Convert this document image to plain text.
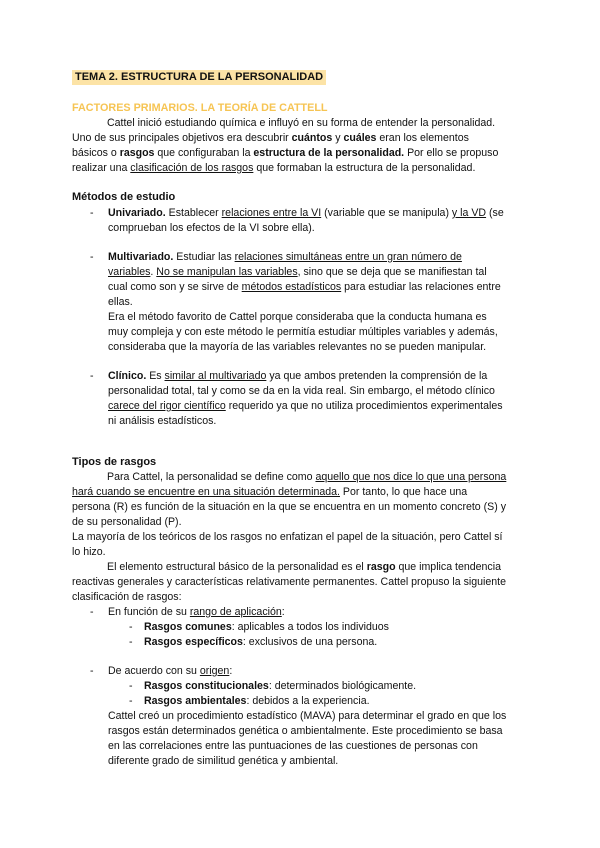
TEMA 2. ESTRUCTURA DE LA PERSONALIDAD
FACTORES PRIMARIOS. LA TEORÍA DE CATTELL
Cattel inició estudiando química e influyó en su forma de entender la personalidad.
Uno de sus principales objetivos era descubrir cuántos y cuáles eran los elementos
básicos o rasgos que configuraban la estructura de la personalidad. Por ello se propuso
realizar una clasificación de los rasgos que formaban la estructura de la personalidad.
Métodos de estudio
- Univariado. Establecer relaciones entre la VI (variable que se manipula) y la VD (se
comprueban los efectos de la VI sobre ella).
- Multivariado. Estudiar las relaciones simultáneas entre un gran número de
variables. No se manipulan las variables, sino que se deja que se manifiestan tal
cual como son y se sirve de métodos estadísticos para estudiar las relaciones entre
ellas.
Era el método favorito de Cattel porque consideraba que la conducta humana es
muy compleja y con este método le permitía estudiar múltiples variables y además,
consideraba que la mayoría de las variables relevantes no se pueden manipular.
- Clínico. Es similar al multivariado ya que ambos pretenden la comprensión de la
personalidad total, tal y como se da en la vida real. Sin embargo, el método clínico
carece del rigor científico requerido ya que no utiliza procedimientos experimentales
ni análisis estadísticos.
Tipos de rasgos
Para Cattel, la personalidad se define como aquello que nos dice lo que una persona
hará cuando se encuentre en una situación determinada. Por tanto, lo que hace una
persona (R) es función de la situación en la que se encuentra en un momento concreto (S) y
de su personalidad (P).
La mayoría de los teóricos de los rasgos no enfatizan el papel de la situación, pero Cattel sí
lo hizo.
El elemento estructural básico de la personalidad es el rasgo que implica tendencia
reactivas generales y características relativamente permanentes. Cattel propuso la siguiente
clasificación de rasgos:
- En función de su rango de aplicación:
- Rasgos comunes: aplicables a todos los individuos
- Rasgos específicos: exclusivos de una persona.
- De acuerdo con su origen:
- Rasgos constitucionales: determinados biológicamente.
- Rasgos ambientales: debidos a la experiencia.
Cattel creó un procedimiento estadístico (MAVA) para determinar el grado en que los
rasgos están determinados genética o ambientalmente. Este procedimiento se basa
en las correlaciones entre las puntuaciones de las cuestiones de personas con
diferente grado de similitud genética y ambiental.
